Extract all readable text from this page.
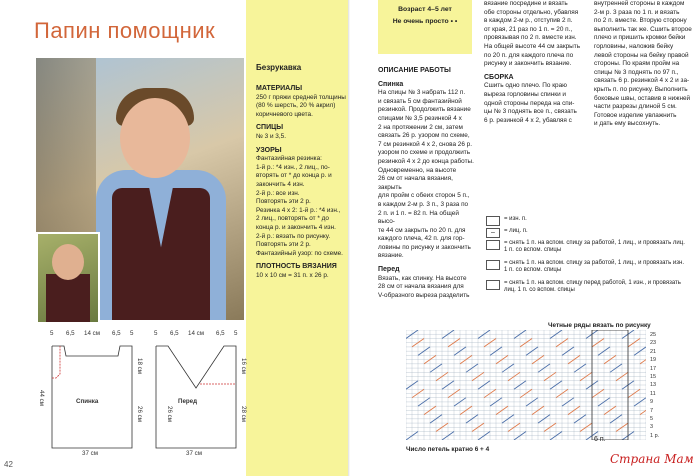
Папин помощник
Безрукавка
МАТЕРИАЛЫ
250 г пряжи средней толщины
(80 % шерсть, 20 % акрил)
коричневого цвета.
СПИЦЫ
№ 3 и 3,5.
УЗОРЫ
Фантазийная резинка:
1-й р.: *4 изн., 2 лиц., по-
вторять от * до конца р. и
закончить 4 изн.
2-й р.: все изн.
Повторять эти 2 р.
Резинка 4 х 2: 1-й р.: *4 изн.,
2 лиц., повторять от * до
конца р. и закончить 4 изн.
2-й р.: вязать по рисунку.
Повторять эти 2 р.
Фантазийный узор: по схеме.
ПЛОТНОСТЬ ВЯЗАНИЯ
10 х 10 см = 31 п. х 26 р.
5 6,5 14 см 6,5 5
44 см
18 см
26 см
Спинка
37 см
5 6,5 14 см 6,5 5
26 см
16 см
28 см
Перед
37 см
42
Возраст 4–5 лет
Не очень просто • •
ОПИСАНИЕ РАБОТЫ
Спинка
На спицы № 3 набрать 112 п.
и связать 5 см фантазийной
резинкой. Продолжить вязание
спицами № 3,5 резинкой 4 х
2 на протяжении 2 см, затем
связать 26 р. узором по схеме,
7 см резинкой 4 х 2, снова 26 р.
узором по схеме и продолжить
резинкой 4 х 2 до конца работы.
Одновременно, на высоте
26 см от начала вязания, закрыть
для пройм с обеих сторон 5 п.,
в каждом 2-м р. 3 п., 3 раза по
2 п. и 1 п. = 82 п. На общей высо-
те 44 см закрыть по 20 п. для
каждого плеча, 42 п. для гор-
ловины по рисунку и закончить
вязание.
Перед
Вязать, как спинку. На высоте
28 см от начала вязания для
V-образного выреза разделить
вязание посредине и вязать
обе стороны отдельно, убавляя
в каждом 2-м р., отступив 2 п.
от края, 21 раз по 1 п. = 20 п.,
провязывая по 2 п. вместе изн.
На общей высоте 44 см закрыть
по 20 п. для каждого плеча по
рисунку и закончить вязание.
СБОРКА
Сшить одно плечо. По краю
выреза горловины спинки и
одной стороны переда на спи-
цы № 3 поднять все п., связать
6 р. резинкой 4 х 2, убавляя с
внутренней стороны в каждом
2-м р. 3 раза по 1 п. и вязать
по 2 п. вместе. Вторую сторону
выполнить так же. Сшить второе
плечо и пришить кромки бейки
горловины, наложив бейку
левой стороны на бейку правой
стороны. По краям пройм на
спицы № 3 поднять по 97 п.,
связать 6 р. резинкой 4 х 2 и за-
крыть п. по рисунку. Выполнить
боковые швы, оставив в нижней
части разрезы длиной 5 см.
Готовое изделие увлажнить
и дать ему высохнуть.
= изн. п.
–	= лиц. п.
= снять 1 п. на вспом. спицу за работой, 1 лиц., и провязать лиц. 1 п. со вспом. спицы
= снять 1 п. на вспом. спицу за работой, 1 лиц., и провязать изн. 1 п. со вспом. спицы
= снять 1 п. на вспом. спицу перед работой, 1 изн., и провязать лиц. 1 п. со вспом. спицы
Четные ряды вязать по рисунку
25
23
21
19
17
15
13
11
9
7
5
3
1 р.
6 п.
Число петель кратно 6 + 4
Страна Мам
